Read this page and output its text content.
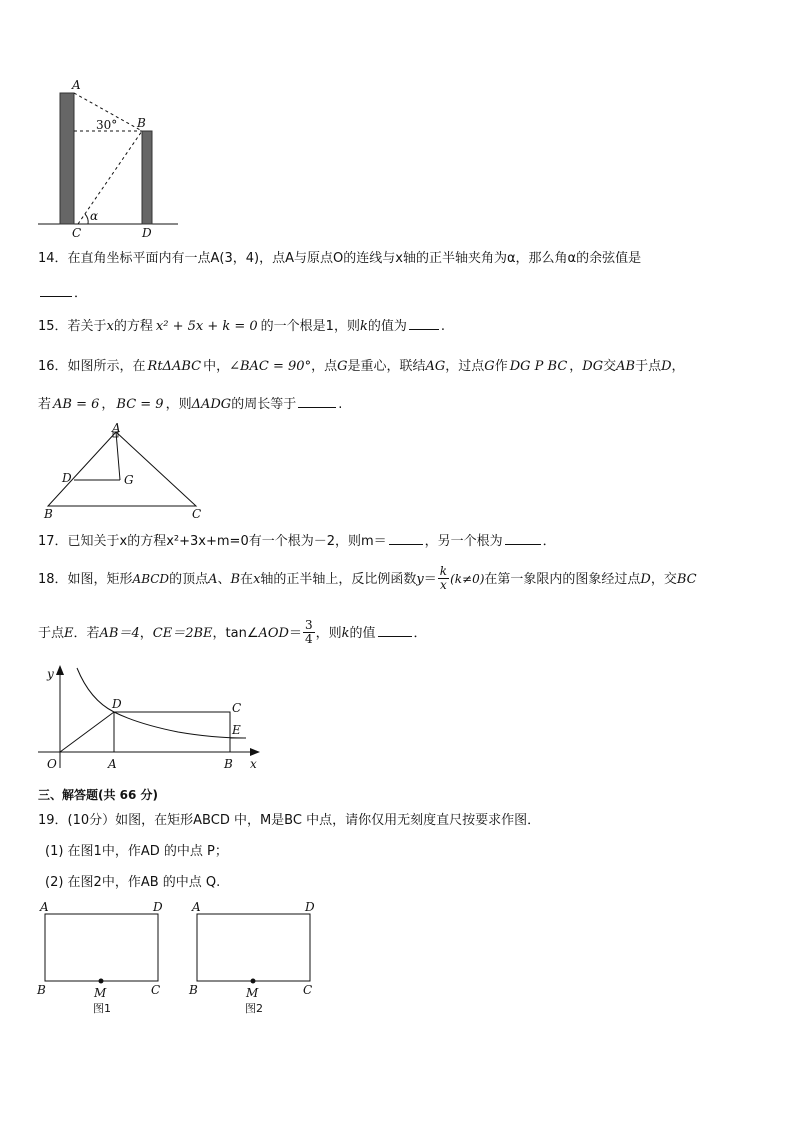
A
B
C	D
30°
α
14．在直角坐标平面内有一点A(3，4)，点A与原点O的连线与x轴的正半轴夹角为α，那么角α的余弦值是
．
15．若关于x的方程 x² + 5x + k = 0 的一个根是1，则k的值为	.
16．如图所示，在 RtΔABC 中，∠BAC = 90°，点G是重心，联结AG，过点G作 DG P BC ，DG交AB于点D，
若 AB = 6 ， BC = 9 ，则ΔADG的周长等于	.
A
B	C
D	G
17．已知关于x的方程x²+3x+m=0有一个根为－2，则m＝	，另一个根为	．
18．如图，矩形ABCD的顶点A、B在x轴的正半轴上，反比例函数$y= \frac{k}{x} (k\ne 0)$在第一象限内的图象经过点D，交BC
于点E．若AB＝4，CE＝2BE，tan∠AOD＝ $\frac{3}{4}$ ，则k的值	．
y
x
O	A	B
C
D
E
三、解答题(共 66 分)
19．(10分）如图，在矩形ABCD 中，M是BC 中点，请你仅用无刻度直尺按要求作图．
(1) 在图1中，作AD 的中点 P；
(2) 在图2中，作AB 的中点 Q.
A	D
B	C
M
图1
A	D
B	C
M
图2
